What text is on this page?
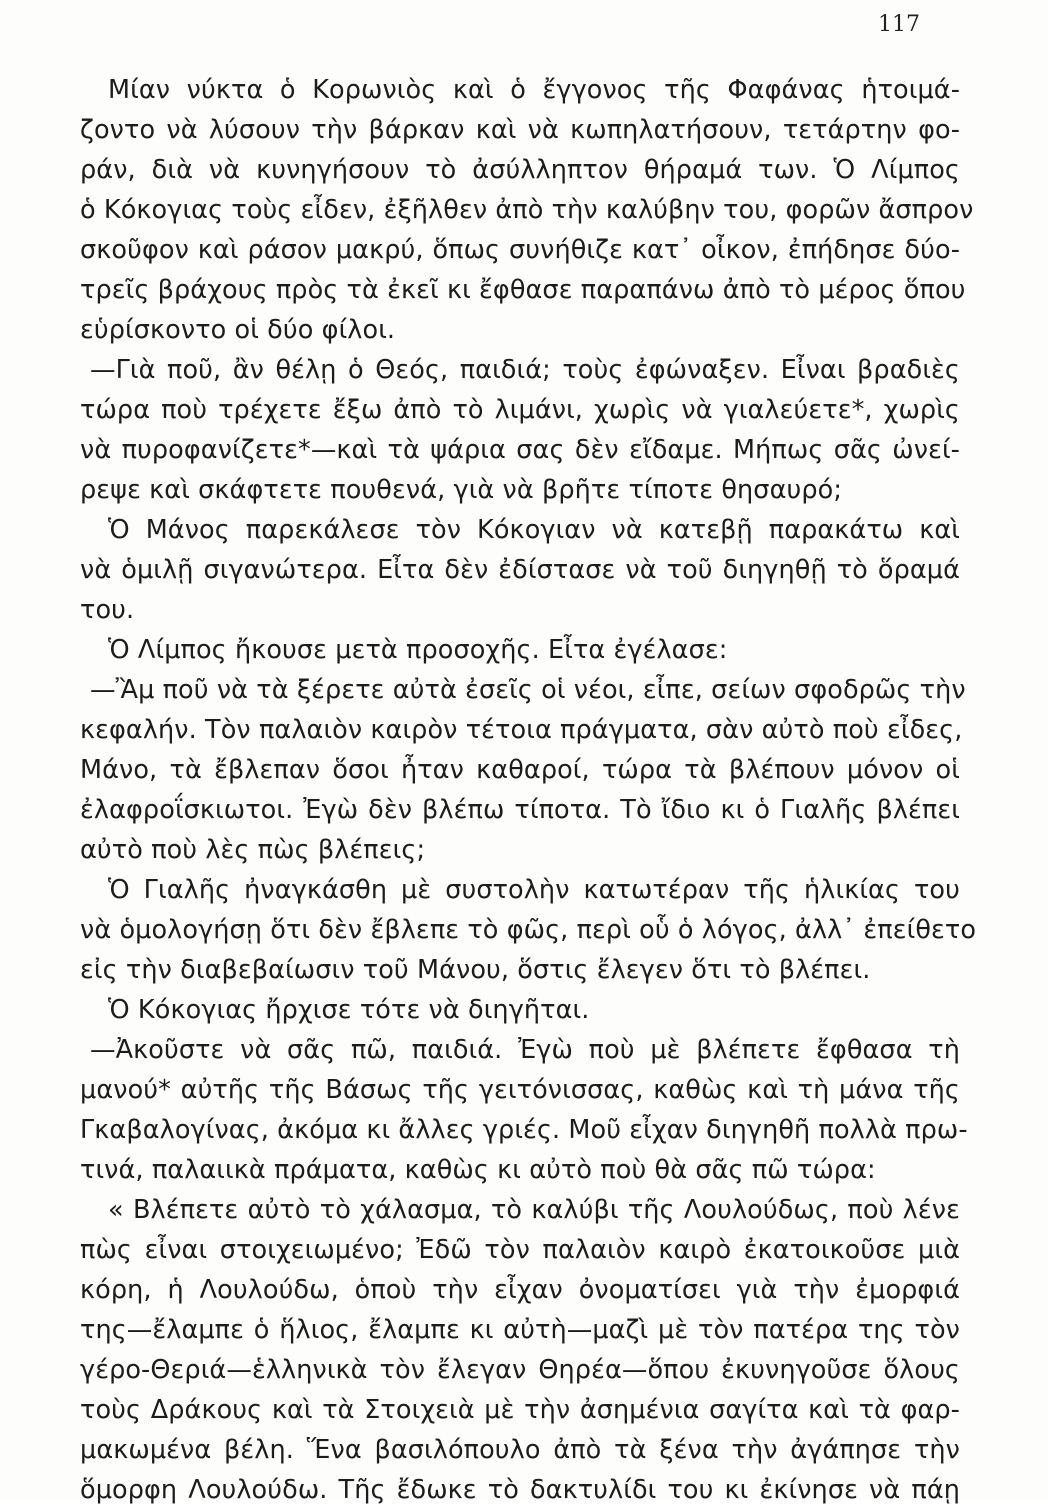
117
Μίαν νύκτα ὁ Κορωνιὸς καὶ ὁ ἔγγονος τῆς Φαφάνας ἡτοιμά-
ζοντο νὰ λύσουν τὴν βάρκαν καὶ νὰ κωπηλατήσουν, τετάρτην φο-
ράν, διὰ νὰ κυνηγήσουν τὸ ἀσύλληπτον θήραμά των. Ὁ Λίμπος
ὁ Κόκογιας τοὺς εἶδεν, ἐξῆλθεν ἀπὸ τὴν καλύβην του, φορῶν ἄσπρον
σκοῦφον καὶ ράσον μακρύ, ὅπως συνήθιζε κατ᾽ οἶκον, ἐπήδησε δύο-
τρεῖς βράχους πρὸς τὰ ἐκεῖ κι ἔφθασε παραπάνω ἀπὸ τὸ μέρος ὅπου
εὑρίσκοντο οἱ δύο φίλοι.
—Γιὰ ποῦ, ἂν θέλῃ ὁ Θεός, παιδιά; τοὺς ἐφώναξεν. Εἶναι βραδιὲς
τώρα ποὺ τρέχετε ἔξω ἀπὸ τὸ λιμάνι, χωρὶς νὰ γιαλεύετε*, χωρὶς
νὰ πυροφανίζετε*—καὶ τὰ ψάρια σας δὲν εἴδαμε. Μήπως σᾶς ὠνεί-
ρεψε καὶ σκάφτετε πουθενά, γιὰ νὰ βρῆτε τίποτε θησαυρό;
Ὁ Μάνος παρεκάλεσε τὸν Κόκογιαν νὰ κατεβῇ παρακάτω καὶ
νὰ ὁμιλῇ σιγανώτερα. Εἶτα δὲν ἐδίστασε νὰ τοῦ διηγηθῇ τὸ ὅραμά
του.
Ὁ Λίμπος ἤκουσε μετὰ προσοχῆς. Εἶτα ἐγέλασε:
—Ἂμ ποῦ νὰ τὰ ξέρετε αὐτὰ ἐσεῖς οἱ νέοι, εἶπε, σείων σφοδρῶς τὴν
κεφαλήν. Τὸν παλαιὸν καιρὸν τέτοια πράγματα, σὰν αὐτὸ ποὺ εἶδες,
Μάνο, τὰ ἔβλεπαν ὅσοι ἦταν καθαροί, τώρα τὰ βλέπουν μόνον οἱ
ἐλαφροΐσκιωτοι. Ἐγὼ δὲν βλέπω τίποτα. Τὸ ἴδιο κι ὁ Γιαλῆς βλέπει
αὐτὸ ποὺ λὲς πὼς βλέπεις;
Ὁ Γιαλῆς ἠναγκάσθη μὲ συστολὴν κατωτέραν τῆς ἡλικίας του
νὰ ὁμολογήσῃ ὅτι δὲν ἔβλεπε τὸ φῶς, περὶ οὗ ὁ λόγος, ἀλλ᾽ ἐπείθετο
εἰς τὴν διαβεβαίωσιν τοῦ Μάνου, ὅστις ἔλεγεν ὅτι τὸ βλέπει.
Ὁ Κόκογιας ἤρχισε τότε νὰ διηγῆται.
—Ἀκοῦστε νὰ σᾶς πῶ, παιδιά. Ἐγὼ ποὺ μὲ βλέπετε ἔφθασα τὴ
μανού* αὐτῆς τῆς Βάσως τῆς γειτόνισσας, καθὼς καὶ τὴ μάνα τῆς
Γκαβαλογίνας, ἀκόμα κι ἄλλες γριές. Μοῦ εἶχαν διηγηθῆ πολλὰ πρω-
τινά, παλαιικὰ πράματα, καθὼς κι αὐτὸ ποὺ θὰ σᾶς πῶ τώρα:
« Βλέπετε αὐτὸ τὸ χάλασμα, τὸ καλύβι τῆς Λουλούδως, ποὺ λένε
πὼς εἶναι στοιχειωμένο; Ἐδῶ τὸν παλαιὸν καιρὸ ἐκατοικοῦσε μιὰ
κόρη, ἡ Λουλούδω, ὁποὺ τὴν εἶχαν ὀνοματίσει γιὰ τὴν ἐμορφιά
της—ἔλαμπε ὁ ἥλιος, ἔλαμπε κι αὐτὴ—μαζὶ μὲ τὸν πατέρα της τὸν
γέρο-Θεριά—ἑλληνικὰ τὸν ἔλεγαν Θηρέα—ὅπου ἐκυνηγοῦσε ὅλους
τοὺς Δράκους καὶ τὰ Στοιχειὰ μὲ τὴν ἀσημένια σαγίτα καὶ τὰ φαρ-
μακωμένα βέλη. Ἕνα βασιλόπουλο ἀπὸ τὰ ξένα τὴν ἀγάπησε τὴν
ὅμορφη Λουλούδω. Τῆς ἔδωκε τὸ δακτυλίδι του κι ἐκίνησε νὰ πάῃ
